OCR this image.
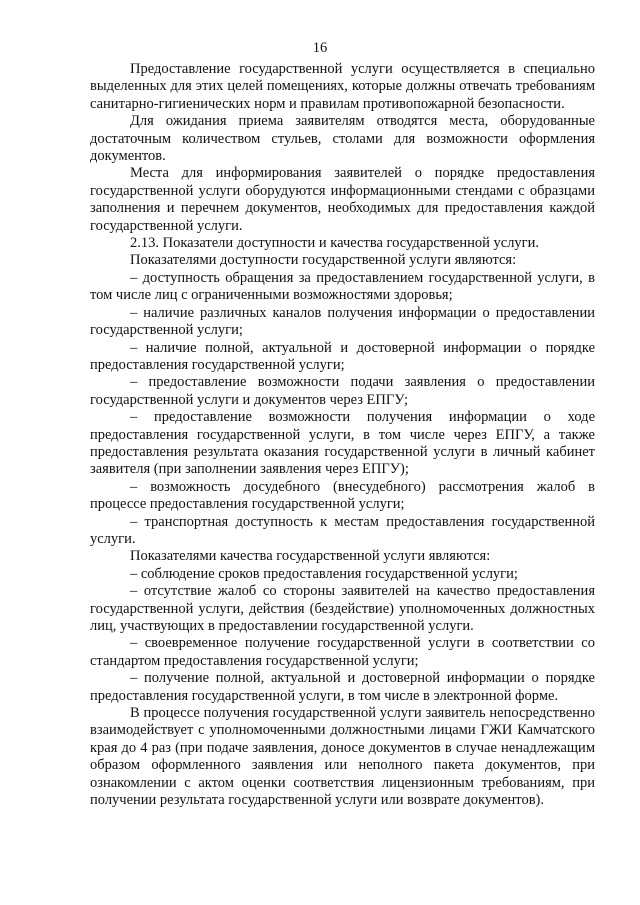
16

Предоставление государственной услуги осуществляется в специально выделенных для этих целей помещениях, которые должны отвечать требованиям санитарно-гигиенических норм и правилам противопожарной безопасности.

Для ожидания приема заявителям отводятся места, оборудованные достаточным количеством стульев, столами для возможности оформления документов.

Места для информирования заявителей о порядке предоставления государственной услуги оборудуются информационными стендами с образцами заполнения и перечнем документов, необходимых для предоставления каждой государственной услуги.

2.13. Показатели доступности и качества государственной услуги.

Показателями доступности государственной услуги являются:

– доступность обращения за предоставлением государственной услуги, в том числе лиц с ограниченными возможностями здоровья;

– наличие различных каналов получения информации о предоставлении государственной услуги;

– наличие полной, актуальной и достоверной информации о порядке предоставления государственной услуги;

– предоставление возможности подачи заявления о предоставлении государственной услуги и документов через ЕПГУ;

– предоставление возможности получения информации о ходе предоставления государственной услуги, в том числе через ЕПГУ, а также предоставления результата оказания государственной услуги в личный кабинет заявителя (при заполнении заявления через ЕПГУ);

– возможность досудебного (внесудебного) рассмотрения жалоб в процессе предоставления государственной услуги;

– транспортная доступность к местам предоставления государственной услуги.

Показателями качества государственной услуги являются:

– соблюдение сроков предоставления государственной услуги;

– отсутствие жалоб со стороны заявителей на качество предоставления государственной услуги, действия (бездействие) уполномоченных должностных лиц, участвующих в предоставлении государственной услуги.

– своевременное получение государственной услуги в соответствии со стандартом предоставления государственной услуги;

– получение полной, актуальной и достоверной информации о порядке предоставления государственной услуги, в том числе в электронной форме.

В процессе получения государственной услуги заявитель непосредственно взаимодействует с уполномоченными должностными лицами ГЖИ Камчатского края до 4 раз (при подаче заявления, доносе документов в случае ненадлежащим образом оформленного заявления или неполного пакета документов, при ознакомлении с актом оценки соответствия лицензионным требованиям, при получении результата государственной услуги или возврате документов).
